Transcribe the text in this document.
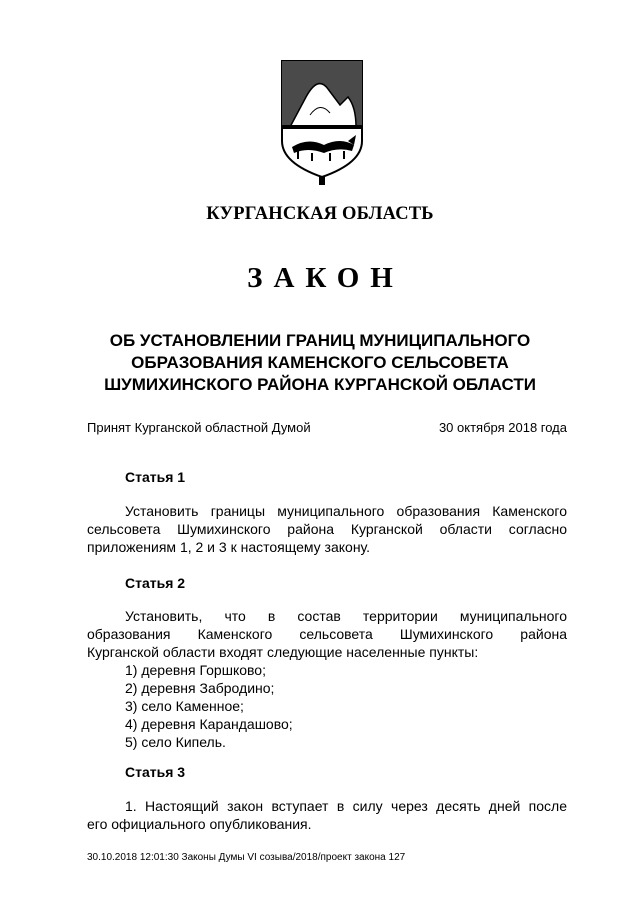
КУРГАНСКАЯ ОБЛАСТЬ
ЗАКОН
ОБ УСТАНОВЛЕНИИ ГРАНИЦ МУНИЦИПАЛЬНОГО
ОБРАЗОВАНИЯ КАМЕНСКОГО СЕЛЬСОВЕТА
ШУМИХИНСКОГО РАЙОНА КУРГАНСКОЙ ОБЛАСТИ
Принят Курганской областной Думой	30 октября 2018 года
Статья 1
Установить границы муниципального образования Каменского
сельсовета Шумихинского района Курганской области согласно
приложениям 1, 2 и 3 к настоящему закону.
Статья 2
Установить, что в состав территории муниципального
образования Каменского сельсовета Шумихинского района
Курганской области входят следующие населенные пункты:
1) деревня Горшково;
2) деревня Забродино;
3) село Каменное;
4) деревня Карандашово;
5) село Кипель.
Статья 3
1. Настоящий закон вступает в силу через десять дней после
его официального опубликования.
30.10.2018 12:01:30 Законы Думы VI созыва/2018/проект закона 127
